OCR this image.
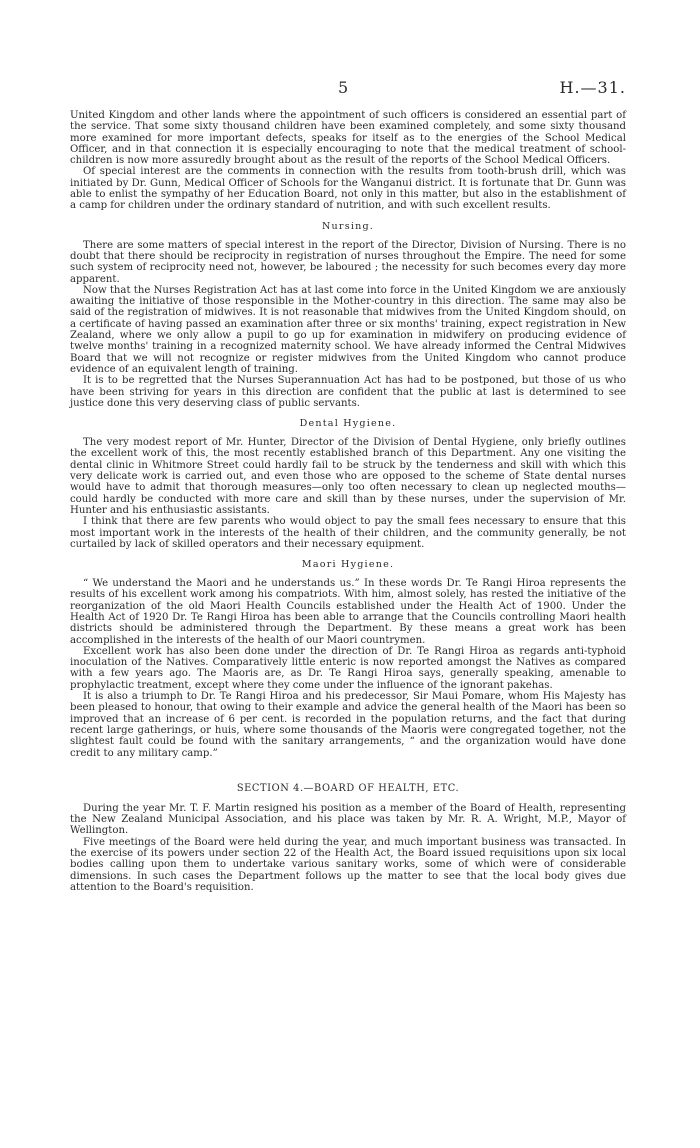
5	H.—31.

United Kingdom and other lands where the appointment of such officers is considered an essential part of the service. That some sixty thousand children have been examined completely, and some sixty thousand more examined for more important defects, speaks for itself as to the energies of the School Medical Officer, and in that connection it is especially encouraging to note that the medical treatment of school-children is now more assuredly brought about as the result of the reports of the School Medical Officers.

Of special interest are the comments in connection with the results from tooth-brush drill, which was initiated by Dr. Gunn, Medical Officer of Schools for the Wanganui district. It is fortunate that Dr. Gunn was able to enlist the sympathy of her Education Board, not only in this matter, but also in the establishment of a camp for children under the ordinary standard of nutrition, and with such excellent results.

Nursing.

There are some matters of special interest in the report of the Director, Division of Nursing. There is no doubt that there should be reciprocity in registration of nurses throughout the Empire. The need for some such system of reciprocity need not, however, be laboured ; the necessity for such becomes every day more apparent.

Now that the Nurses Registration Act has at last come into force in the United Kingdom we are anxiously awaiting the initiative of those responsible in the Mother-country in this direction. The same may also be said of the registration of midwives. It is not reasonable that midwives from the United Kingdom should, on a certificate of having passed an examination after three or six months' training, expect registration in New Zealand, where we only allow a pupil to go up for examination in midwifery on producing evidence of twelve months' training in a recognized maternity school. We have already informed the Central Midwives Board that we will not recognize or register midwives from the United Kingdom who cannot produce evidence of an equivalent length of training.

It is to be regretted that the Nurses Superannuation Act has had to be postponed, but those of us who have been striving for years in this direction are confident that the public at last is determined to see justice done this very deserving class of public servants.

Dental Hygiene.

The very modest report of Mr. Hunter, Director of the Division of Dental Hygiene, only briefly outlines the excellent work of this, the most recently established branch of this Department. Any one visiting the dental clinic in Whitmore Street could hardly fail to be struck by the tenderness and skill with which this very delicate work is carried out, and even those who are opposed to the scheme of State dental nurses would have to admit that thorough measures—only too often necessary to clean up neglected mouths—could hardly be conducted with more care and skill than by these nurses, under the supervision of Mr. Hunter and his enthusiastic assistants.

I think that there are few parents who would object to pay the small fees necessary to ensure that this most important work in the interests of the health of their children, and the community generally, be not curtailed by lack of skilled operators and their necessary equipment.

Maori Hygiene.

“ We understand the Maori and he understands us.” In these words Dr. Te Rangi Hiroa represents the results of his excellent work among his compatriots. With him, almost solely, has rested the initiative of the reorganization of the old Maori Health Councils established under the Health Act of 1900. Under the Health Act of 1920 Dr. Te Rangi Hiroa has been able to arrange that the Councils controlling Maori health districts should be administered through the Department. By these means a great work has been accomplished in the interests of the health of our Maori countrymen.

Excellent work has also been done under the direction of Dr. Te Rangi Hiroa as regards anti-typhoid inoculation of the Natives. Comparatively little enteric is now reported amongst the Natives as compared with a few years ago. The Maoris are, as Dr. Te Rangi Hiroa says, generally speaking, amenable to prophylactic treatment, except where they come under the influence of the ignorant pakehas.

It is also a triumph to Dr. Te Rangi Hiroa and his predecessor, Sir Maui Pomare, whom His Majesty has been pleased to honour, that owing to their example and advice the general health of the Maori has been so improved that an increase of 6 per cent. is recorded in the population returns, and the fact that during recent large gatherings, or huis, where some thousands of the Maoris were congregated together, not the slightest fault could be found with the sanitary arrangements, “ and the organization would have done credit to any military camp.”

SECTION 4.—BOARD OF HEALTH, ETC.

During the year Mr. T. F. Martin resigned his position as a member of the Board of Health, representing the New Zealand Municipal Association, and his place was taken by Mr. R. A. Wright, M.P., Mayor of Wellington.

Five meetings of the Board were held during the year, and much important business was transacted. In the exercise of its powers under section 22 of the Health Act, the Board issued requisitions upon six local bodies calling upon them to undertake various sanitary works, some of which were of considerable dimensions. In such cases the Department follows up the matter to see that the local body gives due attention to the Board's requisition.
